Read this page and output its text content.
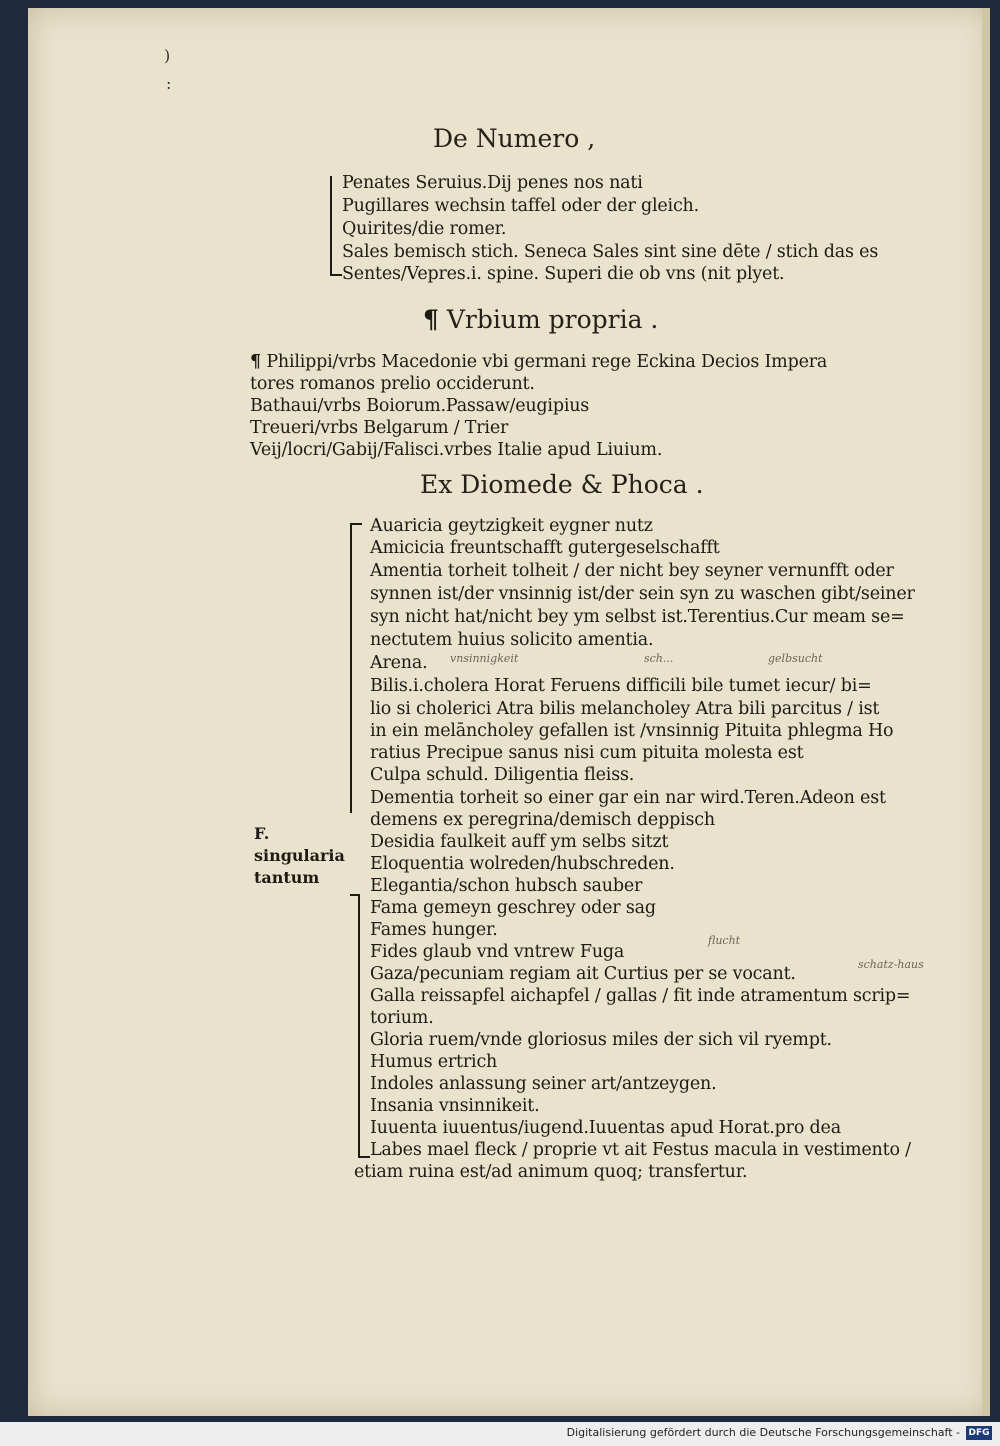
)
:
De Numero ,
Penates Seruius.Dij penes nos nati
Pugillares wechsin taffel oder der gleich.
Quirites/die romer.
Sales bemisch stich. Seneca Sales sint sine dēte / stich das es
Sentes/Vepres.i. spine. Superi die ob vns (nit plyet.
¶ Vrbium propria .
¶ Philippi/vrbs Macedonie vbi germani rege Eckina Decios Impera
tores romanos prelio occiderunt.
Bathaui/vrbs Boiorum.Passaw/eugipius
Treueri/vrbs Belgarum / Trier
Veij/locri/Gabij/Falisci.vrbes Italie apud Liuium.
Ex Diomede & Phoca .
F.
singularia
tantum
Auaricia geytzigkeit eygner nutz
Amicicia freuntschafft gutergeselschafft
Amentia torheit tolheit / der nicht bey seyner vernunfft oder
synnen ist/der vnsinnig ist/der sein syn zu waschen gibt/seiner
syn nicht hat/nicht bey ym selbst ist.Terentius.Cur meam se=
nectutem huius solicito amentia.
Arena.
Bilis.i.cholera Horat Feruens difficili bile tumet iecur/ bi=
lio si cholerici Atra bilis melancholey Atra bili parcitus / ist
in ein melāncholey gefallen ist /vnsinnig Pituita phlegma Ho
ratius Precipue sanus nisi cum pituita molesta est
Culpa schuld. Diligentia fleiss.
Dementia torheit so einer gar ein nar wird.Teren.Adeon est
demens ex peregrina/demisch deppisch
Desidia faulkeit auff ym selbs sitzt
Eloquentia wolreden/hubschreden.
Elegantia/schon hubsch sauber
Fama gemeyn geschrey oder sag
Fames hunger.
Fides glaub vnd vntrew Fuga
Gaza/pecuniam regiam ait Curtius per se vocant.
Galla reissapfel aichapfel / gallas / fit inde atramentum scrip=
torium.
Gloria ruem/vnde gloriosus miles der sich vil ryempt.
Humus ertrich
Indoles anlassung seiner art/antzeygen.
Insania vnsinnikeit.
Iuuenta iuuentus/iugend.Iuuentas apud Horat.pro dea
Labes mael fleck / proprie vt ait Festus macula in vestimento /
etiam ruina est/ad animum quoq; transfertur.
vnsinnigkeit	sch...	gelbsucht
flucht
schatz-haus
Digitalisierung gefördert durch die Deutsche Forschungsgemeinschaft - DFG
